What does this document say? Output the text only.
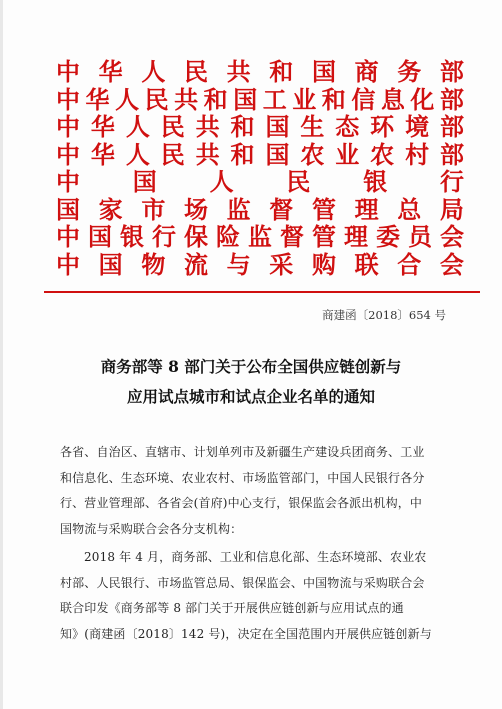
中 华 人 民 共 和 国 商 务 部
中 华 人 民 共 和 国 工 业 和 信 息 化 部
中 华 人 民 共 和 国 生 态 环 境 部
中 华 人 民 共 和 国 农 业 农 村 部
中 国 人 民 银 行
国 家 市 场 监 督 管 理 总 局
中 国 银 行 保 险 监 督 管 理 委 员 会
中 国 物 流 与 采 购 联 合 会
商建函〔2018〕654 号
商务部等 8 部门关于公布全国供应链创新与
应用试点城市和试点企业名单的通知

各省、自治区、直辖市、计划单列市及新疆生产建设兵团商务、工业
和信息化、生态环境、农业农村、市场监管部门，中国人民银行各分
行、营业管理部、各省会(首府)中心支行，银保监会各派出机构，中
国物流与采购联合会各分支机构：

2018 年 4 月，商务部、工业和信息化部、生态环境部、农业农
村部、人民银行、市场监管总局、银保监会、中国物流与采购联合会
联合印发《商务部等 8 部门关于开展供应链创新与应用试点的通
知》(商建函〔2018〕142 号)，决定在全国范围内开展供应链创新与
